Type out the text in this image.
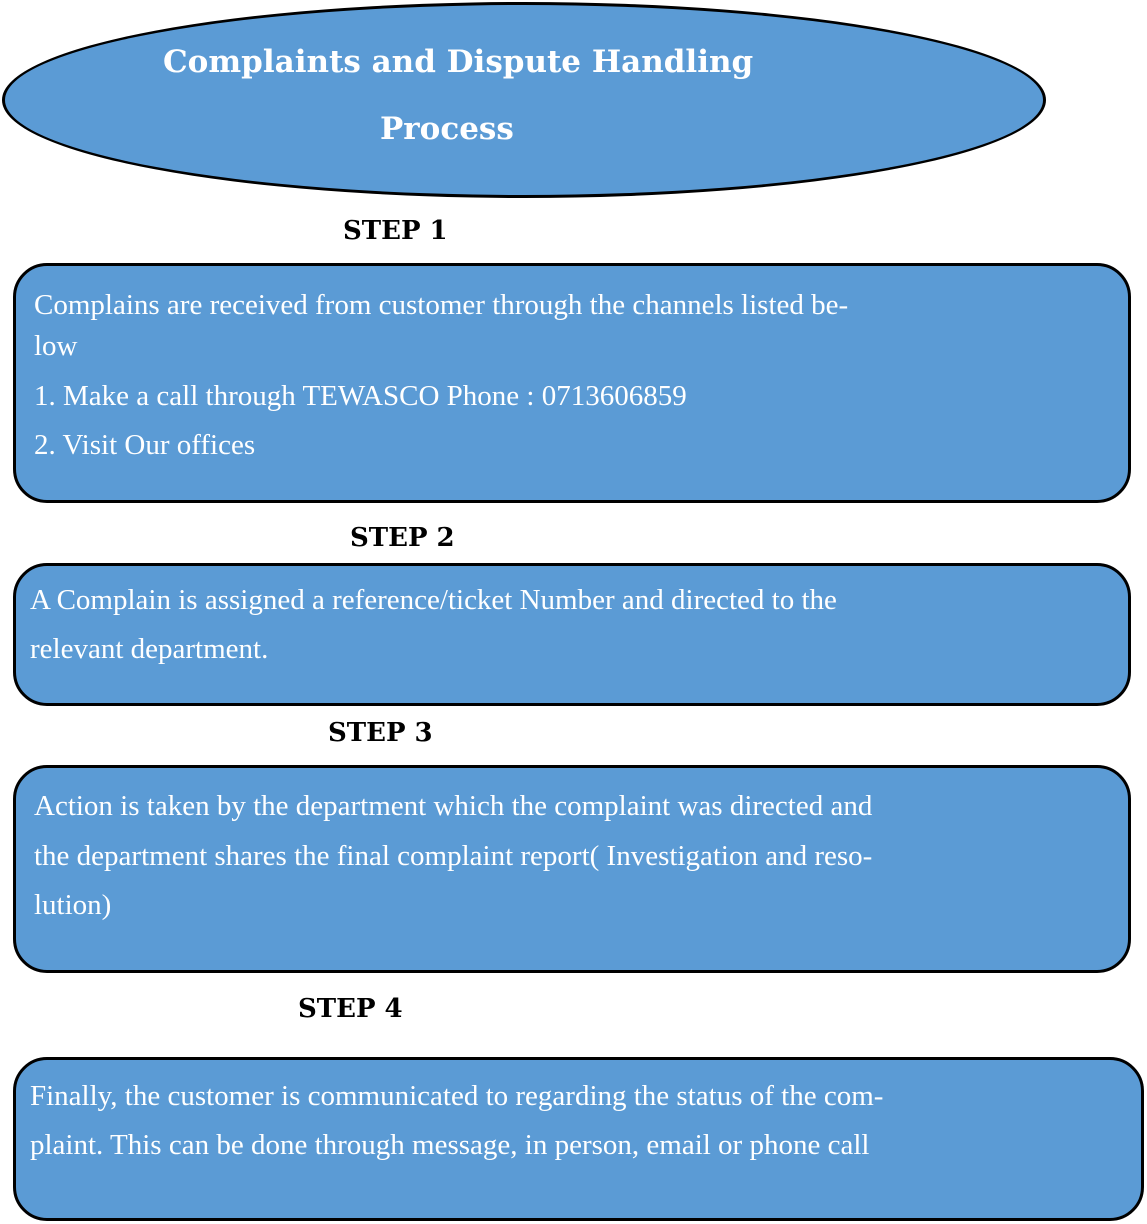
Complaints and Dispute Handling
Process
STEP 1
Complains are received from customer through the channels listed be-
low
1. Make a call through TEWASCO Phone : 0713606859
2. Visit Our offices
STEP 2
A Complain is assigned a reference/ticket Number and directed to the
relevant department.
STEP 3
Action is taken by the department which the complaint was directed and
the department shares the final complaint report( Investigation and reso-
lution)
STEP 4
Finally, the customer is communicated to regarding the status of the com-
plaint. This can be done through message, in person, email or phone call
